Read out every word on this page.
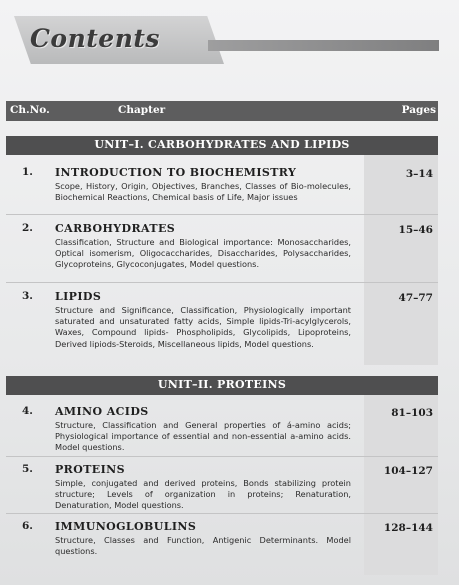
Contents
Ch.No.	Chapter	Pages
UNIT–I. CARBOHYDRATES AND LIPIDS
1. INTRODUCTION TO BIOCHEMISTRY	3–14
Scope, History, Origin, Objectives, Branches, Classes of Bio-molecules, Biochemical Reactions, Chemical basis of Life, Major issues
2. CARBOHYDRATES	15–46
Classification, Structure and Biological importance: Monosaccharides, Optical isomerism, Oligocaccharides, Disaccharides, Polysaccharides, Glycoproteins, Glycoconjugates, Model questions.
3. LIPIDS	47–77
Structure and Significance, Classification, Physiologically important saturated and unsaturated fatty acids, Simple lipids-Tri-acylglycerols, Waxes, Compound lipids- Phospholipids, Glycolipids, Lipoproteins, Derived lipiods-Steroids, Miscellaneous lipids, Model questions.
UNIT–II. PROTEINS
4. AMINO ACIDS	81–103
Structure, Classification and General properties of á-amino acids; Physiological importance of essential and non-essential a-amino acids. Model questions.
5. PROTEINS	104–127
Simple, conjugated and derived proteins, Bonds stabilizing protein structure; Levels of organization in proteins; Renaturation, Denaturation, Model questions.
6. IMMUNOGLOBULINS	128–144
Structure, Classes and Function, Antigenic Determinants. Model questions.
